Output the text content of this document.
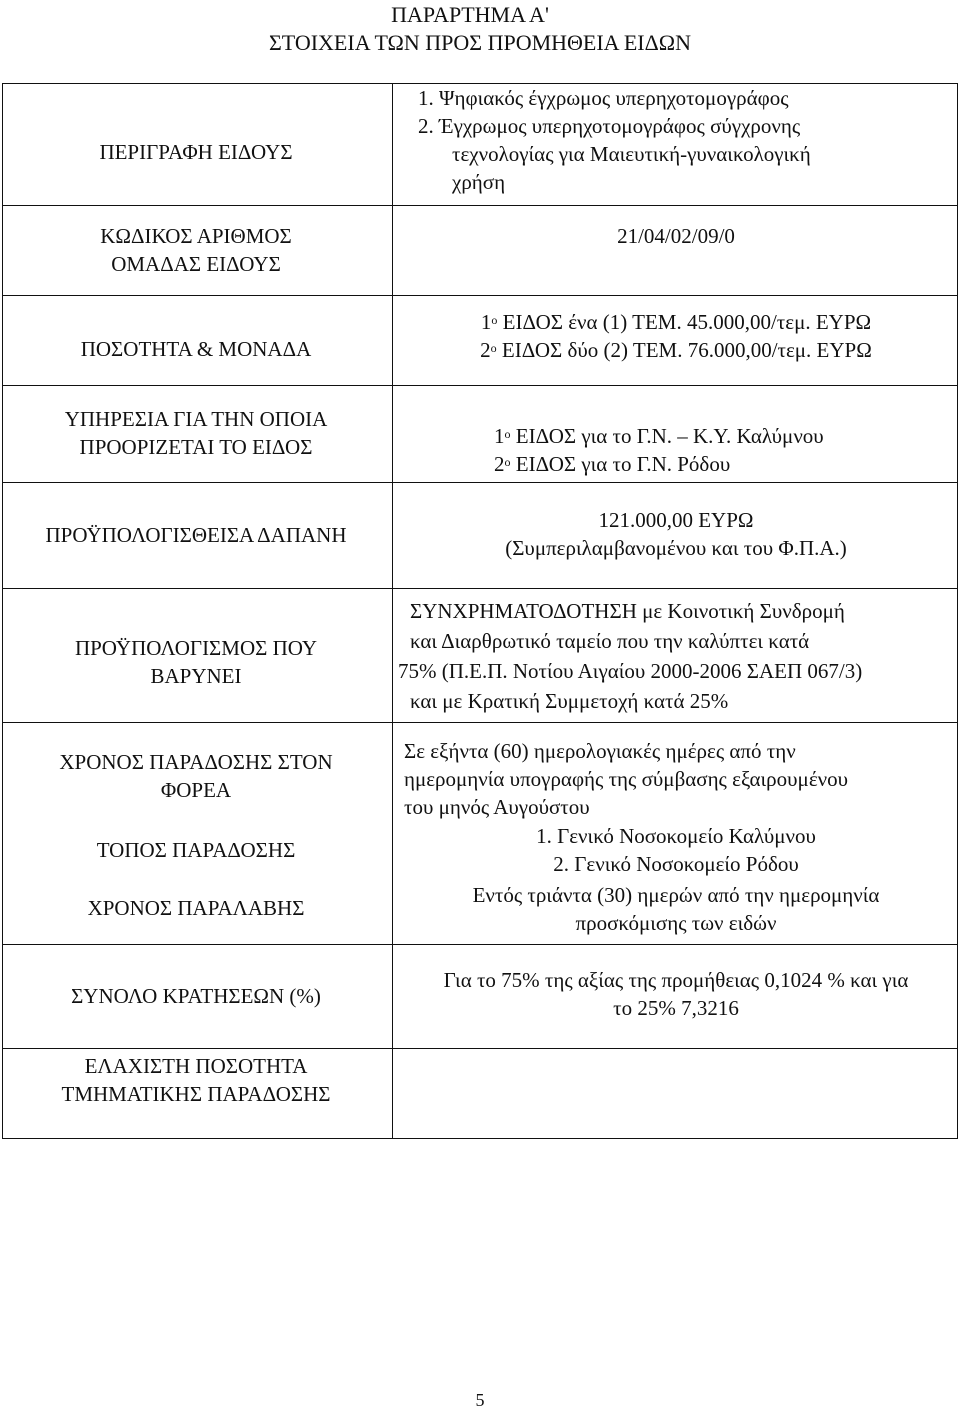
ΠΑΡΑΡΤΗΜΑ Α'
ΣΤΟΙΧΕΙΑ ΤΩΝ ΠΡΟΣ ΠΡΟΜΗΘΕΙΑ ΕΙΔΩΝ
ΠΕΡΙΓΡΑΦΗ ΕΙΔΟΥΣ
1. Ψηφιακός έγχρωμος υπερηχοτομογράφος
2. Έγχρωμος υπερηχοτομογράφος σύγχρονης
τεχνολογίας για Μαιευτική-γυναικολογική
χρήση
ΚΩΔΙΚΟΣ ΑΡΙΘΜΟΣ
ΟΜΑΔΑΣ ΕΙΔΟΥΣ
21/04/02/09/0
ΠΟΣΟΤΗΤΑ & ΜΟΝΑΔΑ
$1^o$ ΕΙΔΟΣ ένα (1) ΤΕΜ. 45.000,00/τεμ. ΕΥΡΩ
$2^o$ ΕΙΔΟΣ δύο (2) ΤΕΜ. 76.000,00/τεμ. ΕΥΡΩ
ΥΠΗΡΕΣΙΑ ΓΙΑ ΤΗΝ ΟΠΟΙΑ
ΠΡΟΟΡΙΖΕΤΑΙ ΤΟ ΕΙΔΟΣ	$1^o$ ΕΙΔΟΣ για το Γ.Ν. – Κ.Υ. Καλύμνου
$2^o$ ΕΙΔΟΣ για το Γ.Ν. Ρόδου
ΠΡΟΫΠΟΛΟΓΙΣΘΕΙΣΑ ΔΑΠΑΝΗ
121.000,00 ΕΥΡΩ
(Συμπεριλαμβανομένου και του Φ.Π.Α.)
ΠΡΟΫΠΟΛΟΓΙΣΜΟΣ ΠΟΥ
ΒΑΡΥΝΕΙ
ΣΥΝΧΡΗΜΑΤΟΔΟΤΗΣΗ με Κοινοτική Συνδρομή
και Διαρθρωτικό ταμείο που την καλύπτει κατά
75% (Π.Ε.Π. Νοτίου Αιγαίου 2000-2006 ΣΑΕΠ 067/3)
και με Κρατική Συμμετοχή κατά 25%
ΧΡΟΝΟΣ ΠΑΡΑΔΟΣΗΣ ΣΤΟΝ
ΦΟΡΕΑ
Σε εξήντα (60) ημερολογιακές ημέρες από την
ημερομηνία υπογραφής της σύμβασης εξαιρουμένου
του μηνός Αυγούστου
ΤΟΠΟΣ ΠΑΡΑΔΟΣΗΣ
1. Γενικό Νοσοκομείο Καλύμνου
2. Γενικό Νοσοκομείο Ρόδου
ΧΡΟΝΟΣ ΠΑΡΑΛΑΒΗΣ
Εντός τριάντα (30) ημερών από την ημερομηνία
προσκόμισης των ειδών
ΣΥΝΟΛΟ ΚΡΑΤΗΣΕΩΝ (%)
Για το 75% της αξίας της προμήθειας 0,1024 % και για
το 25% 7,3216
ΕΛΑΧΙΣΤΗ ΠΟΣΟΤΗΤΑ
ΤΜΗΜΑΤΙΚΗΣ ΠΑΡΑΔΟΣΗΣ
5
